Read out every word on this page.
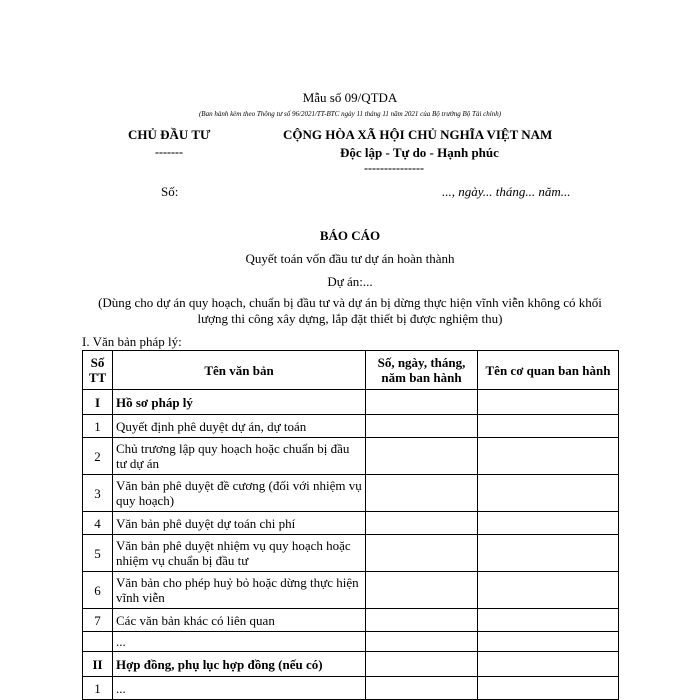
Mẫu số 09/QTDA
(Ban hành kèm theo Thông tư số 96/2021/TT-BTC ngày 11 tháng 11 năm 2021 của Bộ trưởng Bộ Tài chính)
CHỦ ĐẦU TƯ
-------
CỘNG HÒA XÃ HỘI CHỦ NGHĨA VIỆT NAM
Độc lập - Tự do - Hạnh phúc
---------------
Số:	..., ngày... tháng... năm...
BÁO CÁO
Quyết toán vốn đầu tư dự án hoàn thành
Dự án:...
(Dùng cho dự án quy hoạch, chuẩn bị đầu tư và dự án bị dừng thực hiện vĩnh viễn không có khối lượng thi công xây dựng, lắp đặt thiết bị được nghiệm thu)
I. Văn bản pháp lý:
Số TT	Tên văn bản	Số, ngày, tháng, năm ban hành	Tên cơ quan ban hành
I	Hồ sơ pháp lý		
1	Quyết định phê duyệt dự án, dự toán		
2	Chủ trương lập quy hoạch hoặc chuẩn bị đầu tư dự án		
3	Văn bản phê duyệt đề cương (đối với nhiệm vụ quy hoạch)		
4	Văn bản phê duyệt dự toán chi phí		
5	Văn bản phê duyệt nhiệm vụ quy hoạch hoặc nhiệm vụ chuẩn bị đầu tư		
6	Văn bản cho phép huỷ bỏ hoặc dừng thực hiện vĩnh viễn		
7	Các văn bản khác có liên quan		
	...		
II	Hợp đồng, phụ lục hợp đồng (nếu có)		
1	...		
